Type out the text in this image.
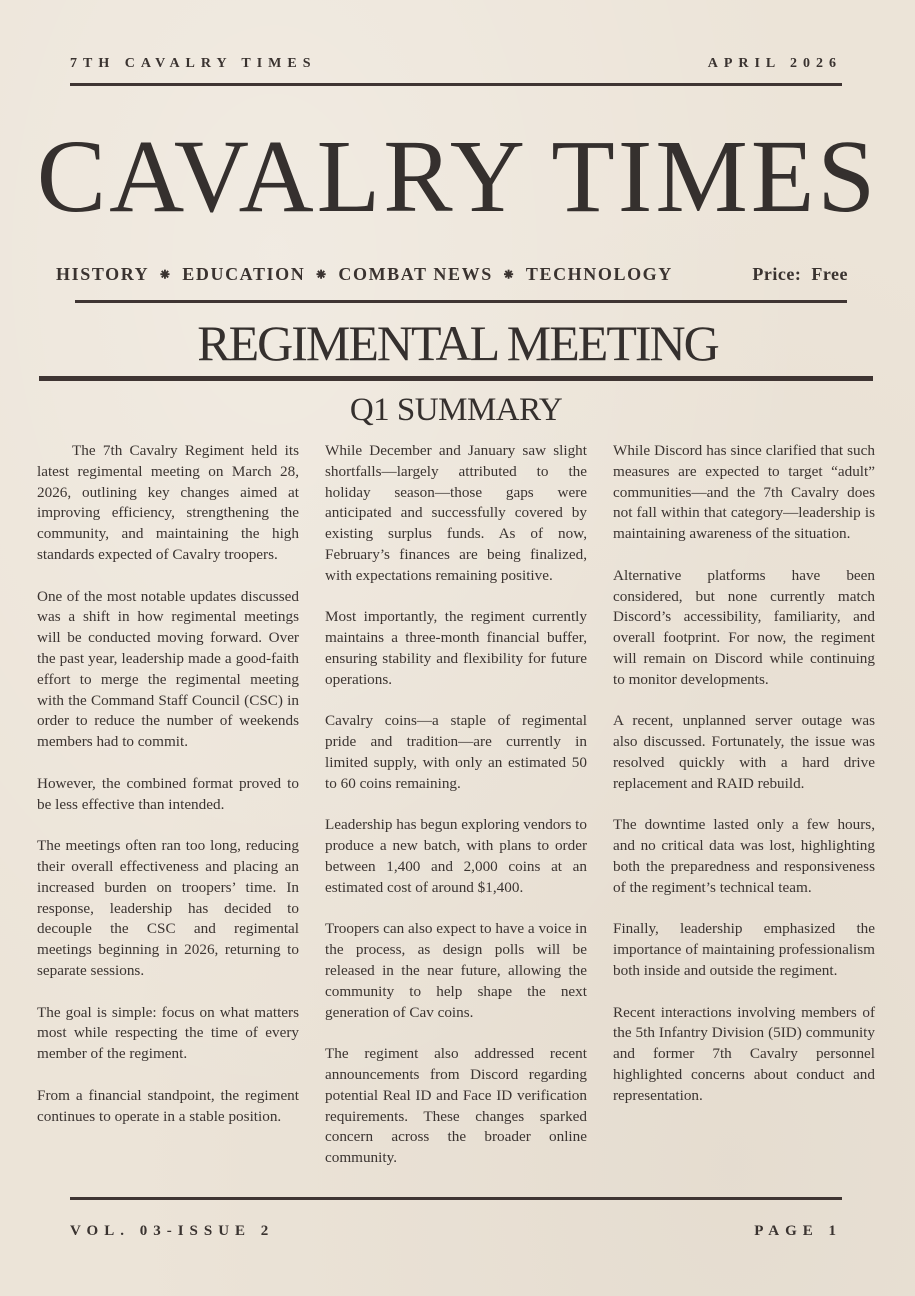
7TH CAVALRY TIMES	APRIL 2026
CAVALRY TIMES
HISTORY ⁕ EDUCATION ⁕ COMBAT NEWS ⁕ TECHNOLOGY	Price:  Free
REGIMENTAL MEETING
Q1 SUMMARY

The 7th Cavalry Regiment held its latest regimental meeting on March 28, 2026, outlining key changes aimed at improving efficiency, strengthening the community, and maintaining the high standards expected of Cavalry troopers.

One of the most notable updates discussed was a shift in how regimental meetings will be conducted moving forward. Over the past year, leadership made a good-faith effort to merge the regimental meeting with the Command Staff Council (CSC) in order to reduce the number of weekends members had to commit.

However, the combined format proved to be less effective than intended.

The meetings often ran too long, reducing their overall effectiveness and placing an increased burden on troopers’ time. In response, leadership has decided to decouple the CSC and regimental meetings beginning in 2026, returning to separate sessions.

The goal is simple: focus on what matters most while respecting the time of every member of the regiment.

From a financial standpoint, the regiment continues to operate in a stable position.

While December and January saw slight shortfalls—largely attributed to the holiday season—those gaps were anticipated and successfully covered by existing surplus funds. As of now, February’s finances are being finalized, with expectations remaining positive.

Most importantly, the regiment currently maintains a three-month financial buffer, ensuring stability and flexibility for future operations.

Cavalry coins—a staple of regimental pride and tradition—are currently in limited supply, with only an estimated 50 to 60 coins remaining.

Leadership has begun exploring vendors to produce a new batch, with plans to order between 1,400 and 2,000 coins at an estimated cost of around $1,400.

Troopers can also expect to have a voice in the process, as design polls will be released in the near future, allowing the community to help shape the next generation of Cav coins.

The regiment also addressed recent announcements from Discord regarding potential Real ID and Face ID verification requirements. These changes sparked concern across the broader online community.

While Discord has since clarified that such measures are expected to target “adult” communities—and the 7th Cavalry does not fall within that category—leadership is maintaining awareness of the situation.

Alternative platforms have been considered, but none currently match Discord’s accessibility, familiarity, and overall footprint. For now, the regiment will remain on Discord while continuing to monitor developments.

A recent, unplanned server outage was also discussed. Fortunately, the issue was resolved quickly with a hard drive replacement and RAID rebuild.

The downtime lasted only a few hours, and no critical data was lost, highlighting both the preparedness and responsiveness of the regiment’s technical team.

Finally, leadership emphasized the importance of maintaining professionalism both inside and outside the regiment.

Recent interactions involving members of the 5th Infantry Division (5ID) community and former 7th Cavalry personnel highlighted concerns about conduct and representation.

VOL. 03-ISSUE 2	PAGE 1
